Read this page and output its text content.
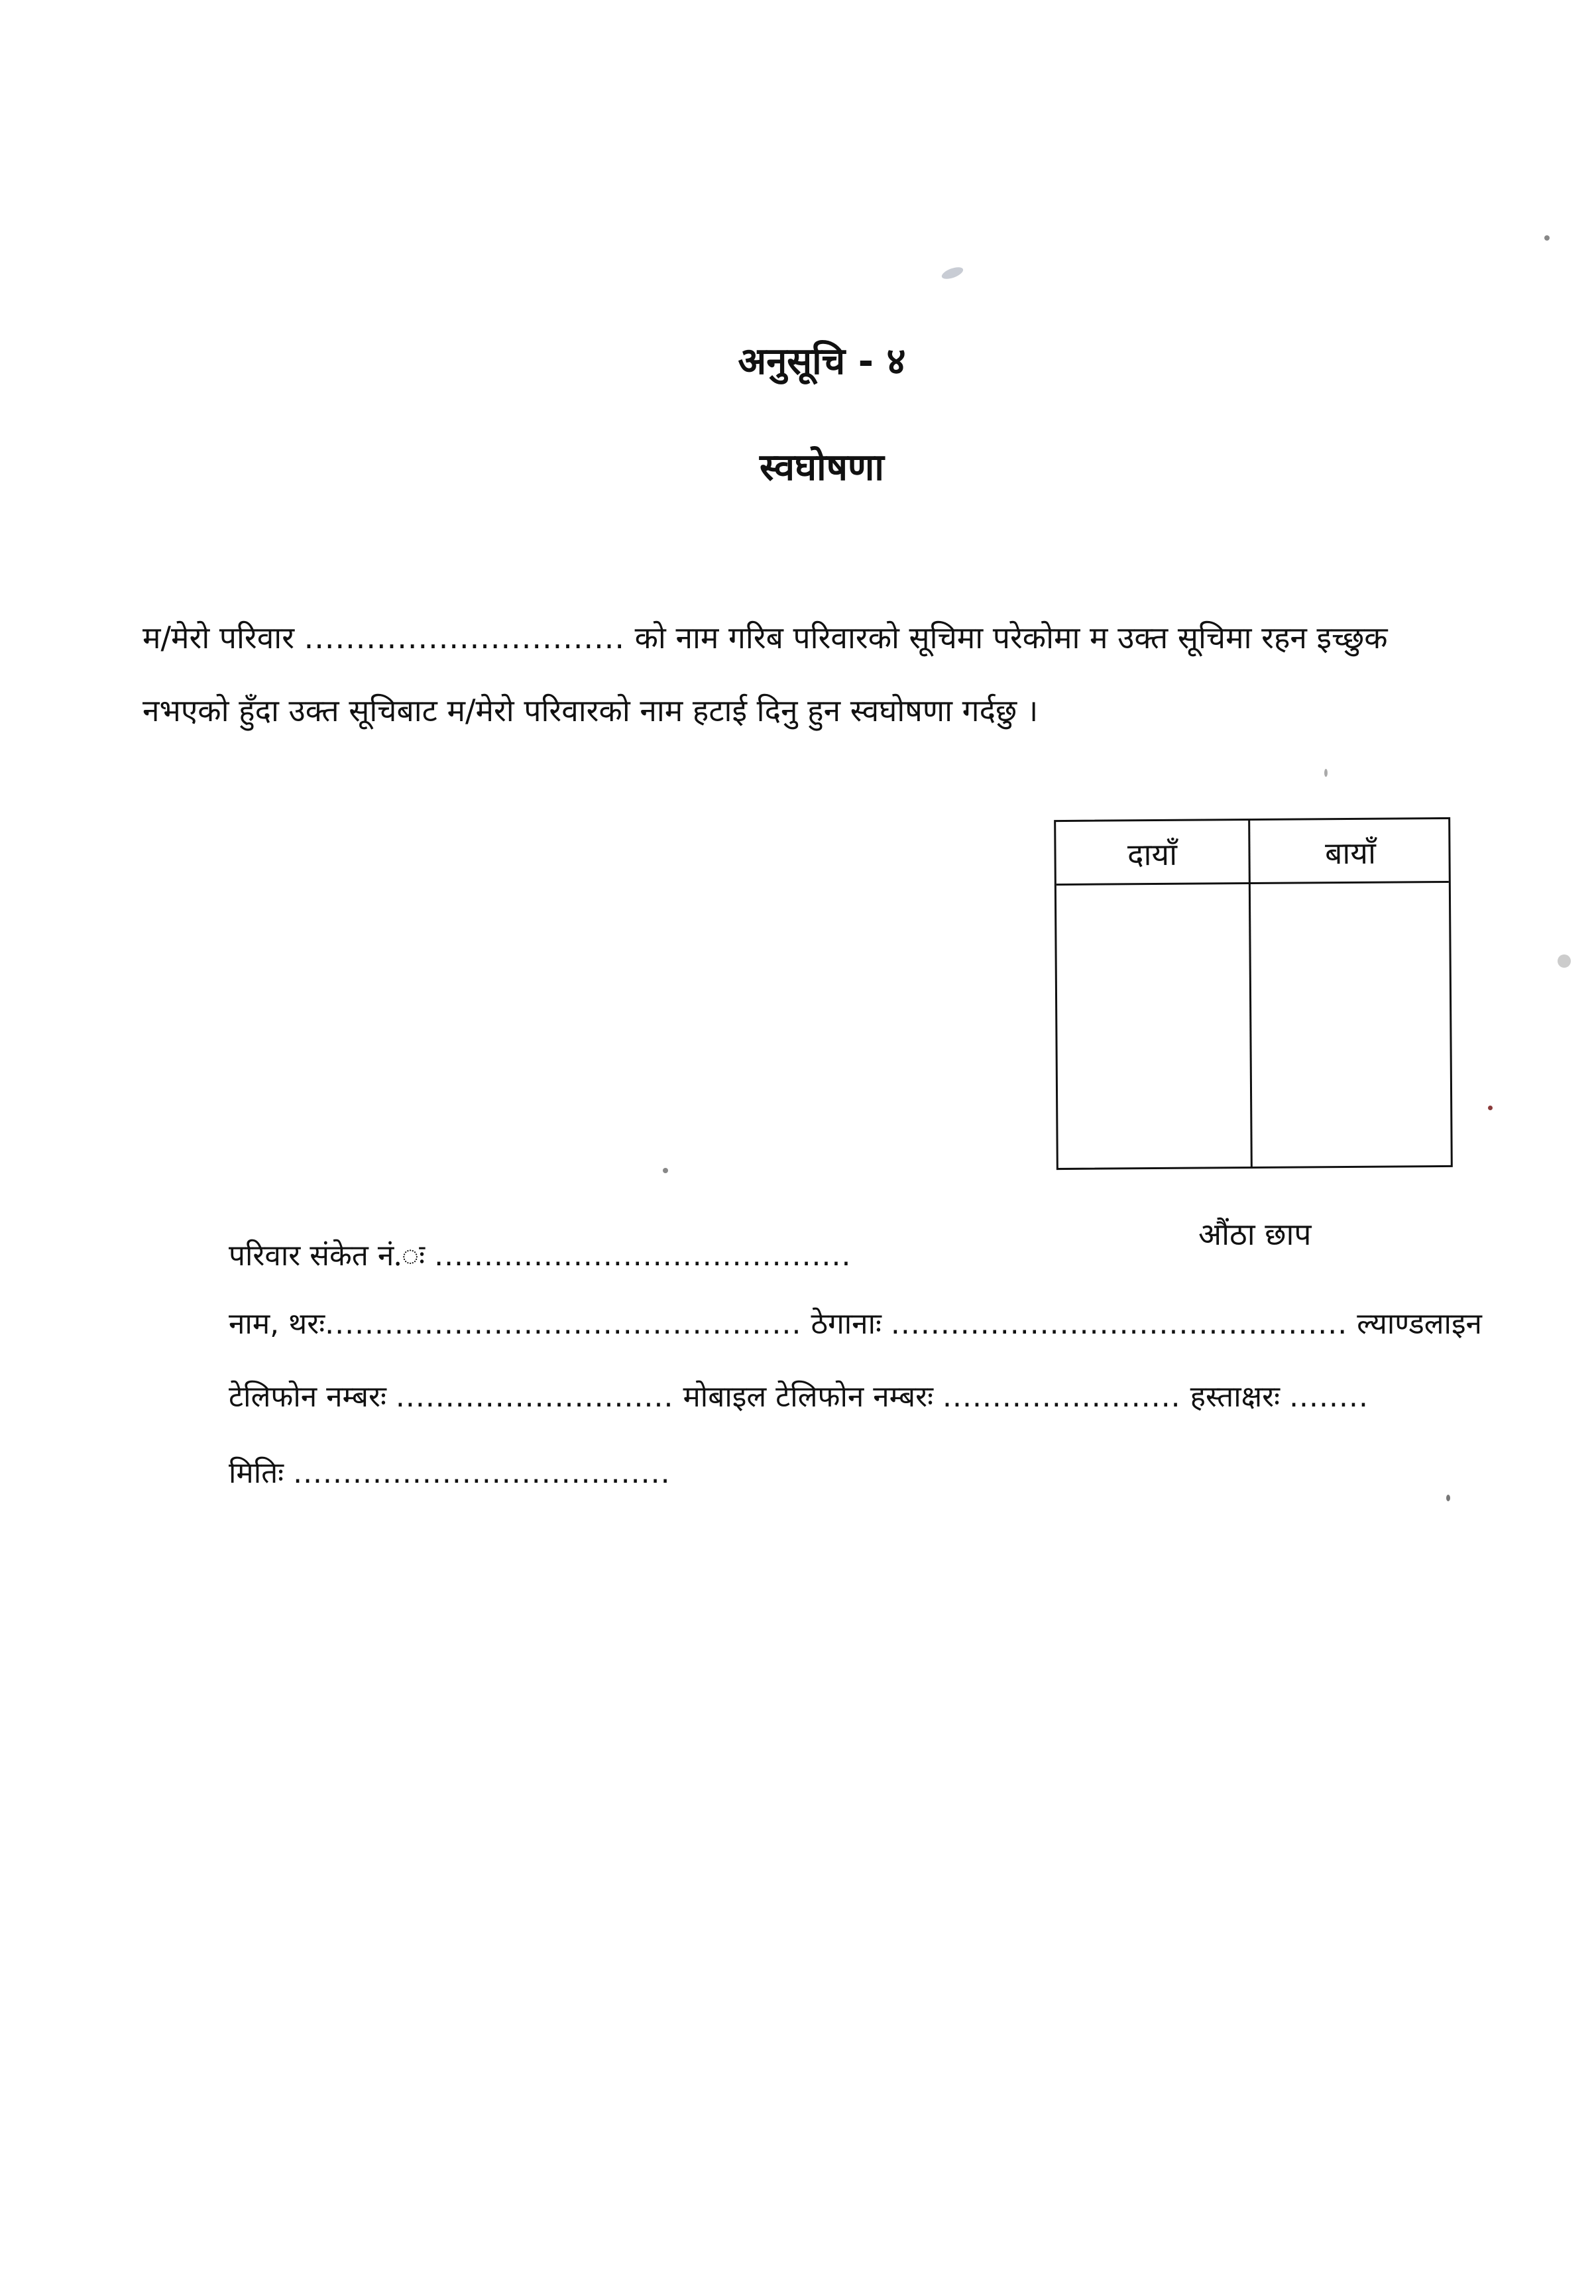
अनुसूचि - ४
स्वघोषणा
म/मेरो परिवार ............................... को नाम गरिब परिवारको सूचिमा परेकोमा म उक्त सूचिमा रहन इच्छुक
नभएको हुँदा उक्त सूचिबाट म/मेरो परिवारको नाम हटाई दिनु हुन स्वघोषणा गर्दछु ।
दायाँ	बायाँ
औंठा छाप
परिवार संकेत नं.ः ..........................................
नाम, थरः................................................ ठेगानाः .............................................. ल्याण्डलाइन
टेलिफोन नम्बरः ............................ मोबाइल टेलिफोन नम्बरः ........................ हस्ताक्षरः ........
मितिः ......................................
